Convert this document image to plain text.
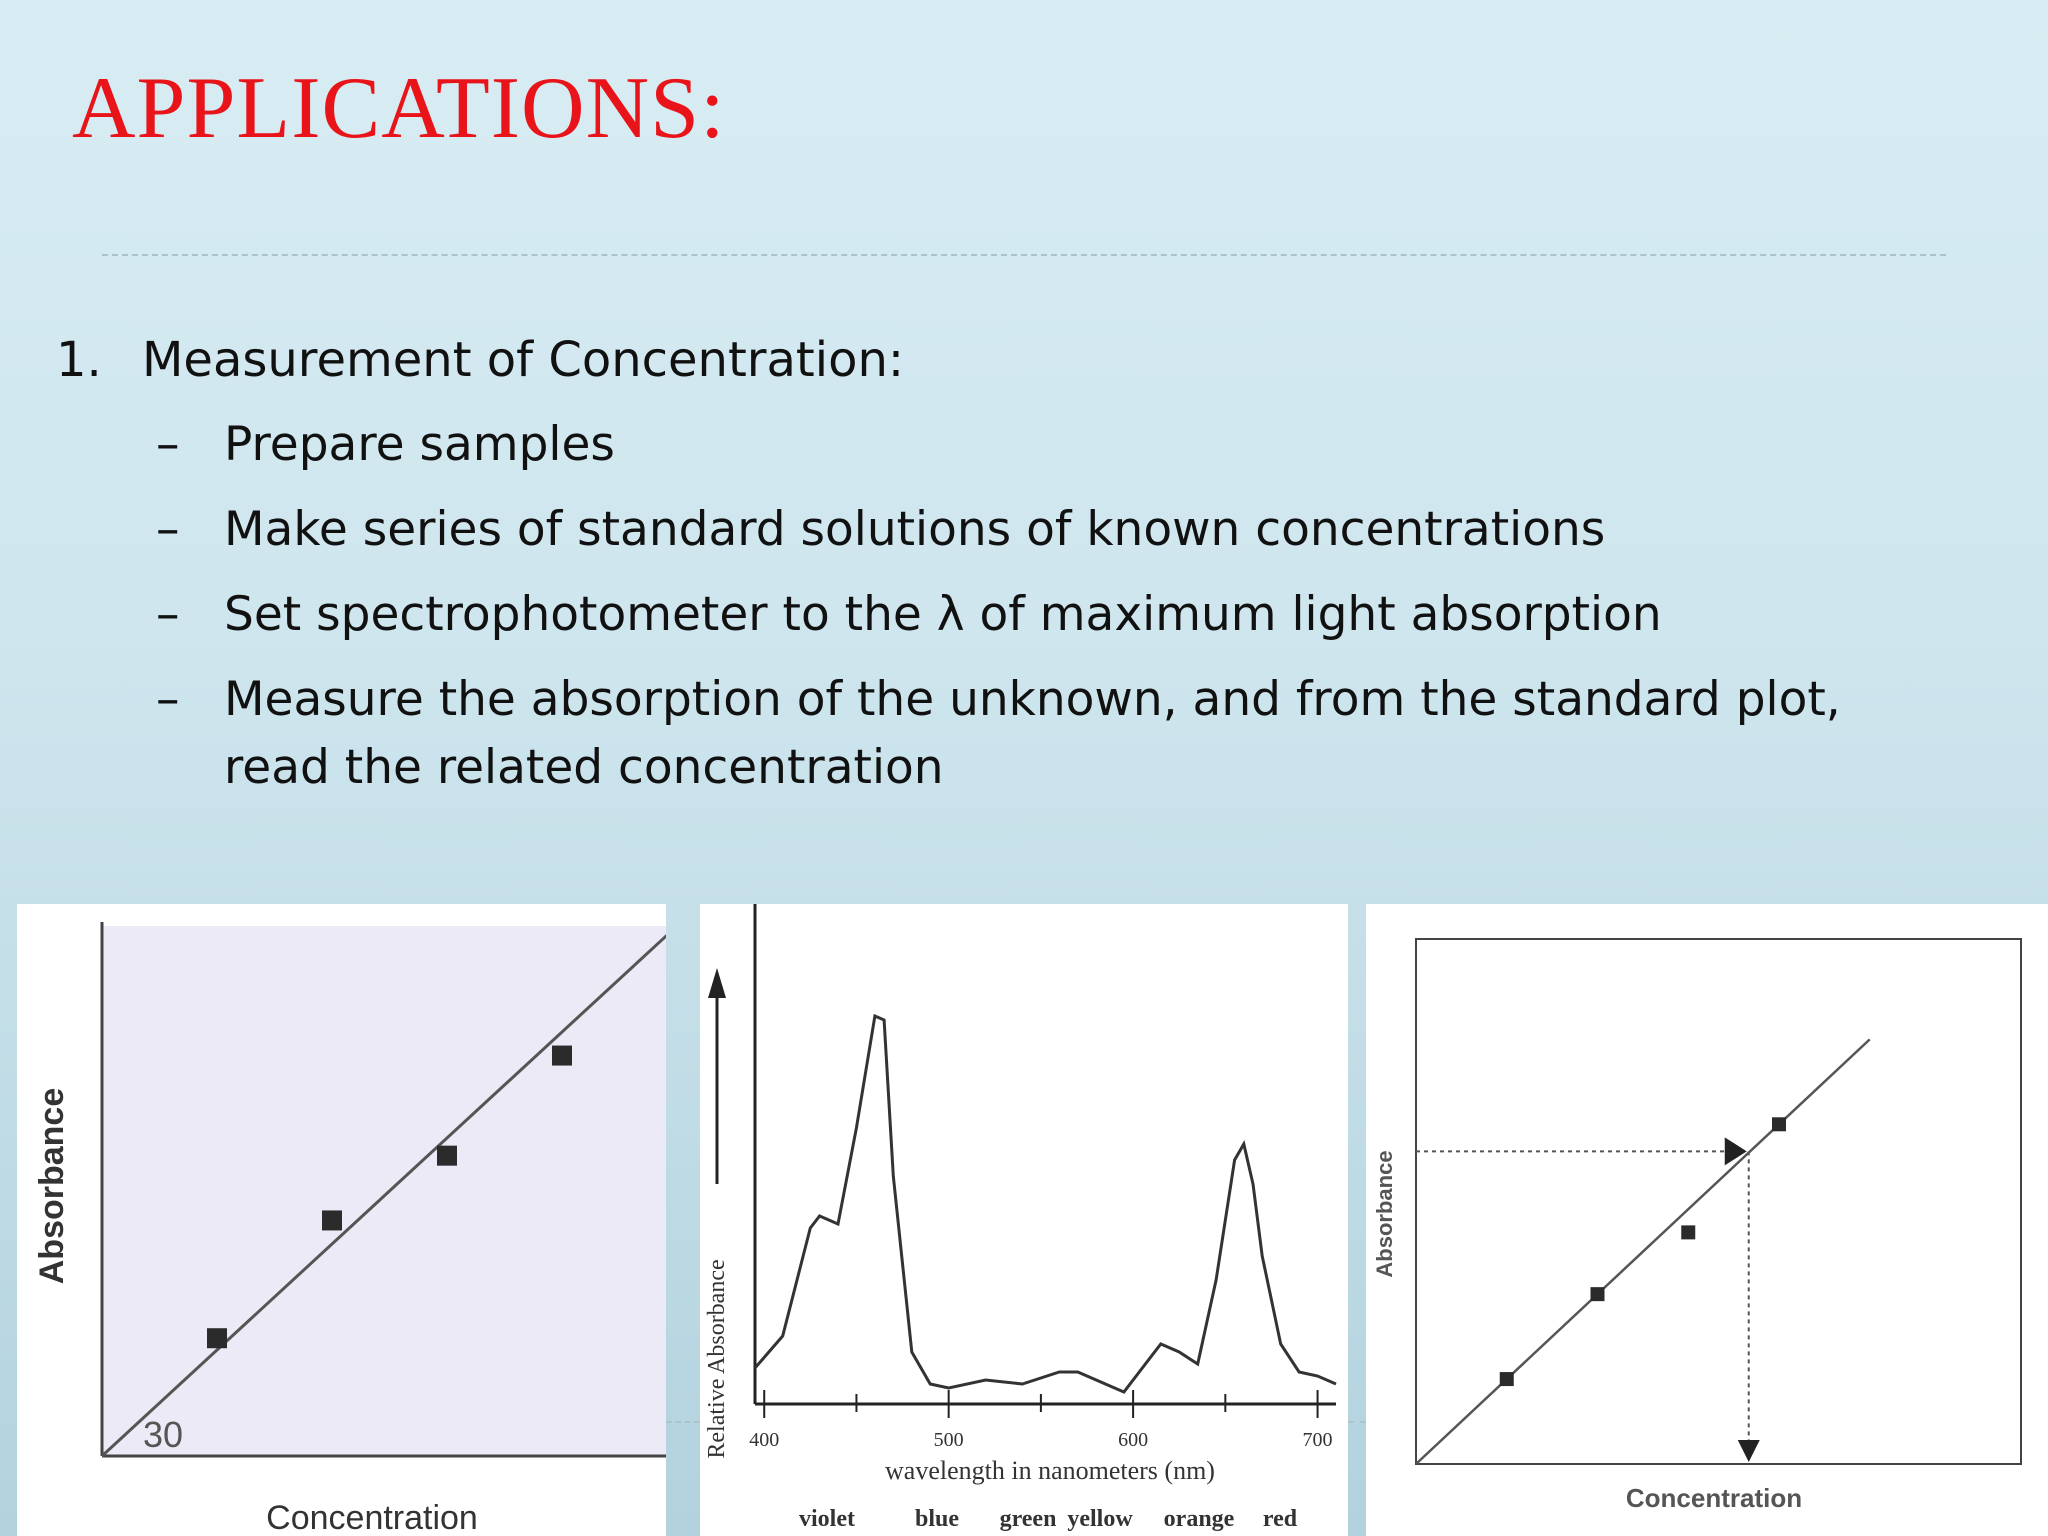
APPLICATIONS:
1. Measurement of Concentration:
– Prepare samples
– Make series of standard solutions of known concentrations
– Set spectrophotometer to the λ of maximum light absorption
– Measure the absorption of the unknown, and from the standard plot, read the related concentration
Absorbance
Concentration
400	500	600	700
Relative Absorbance
wavelength in nanometers (nm)
violet	blue green yellow orange red
Absorbance
Concentration
30
